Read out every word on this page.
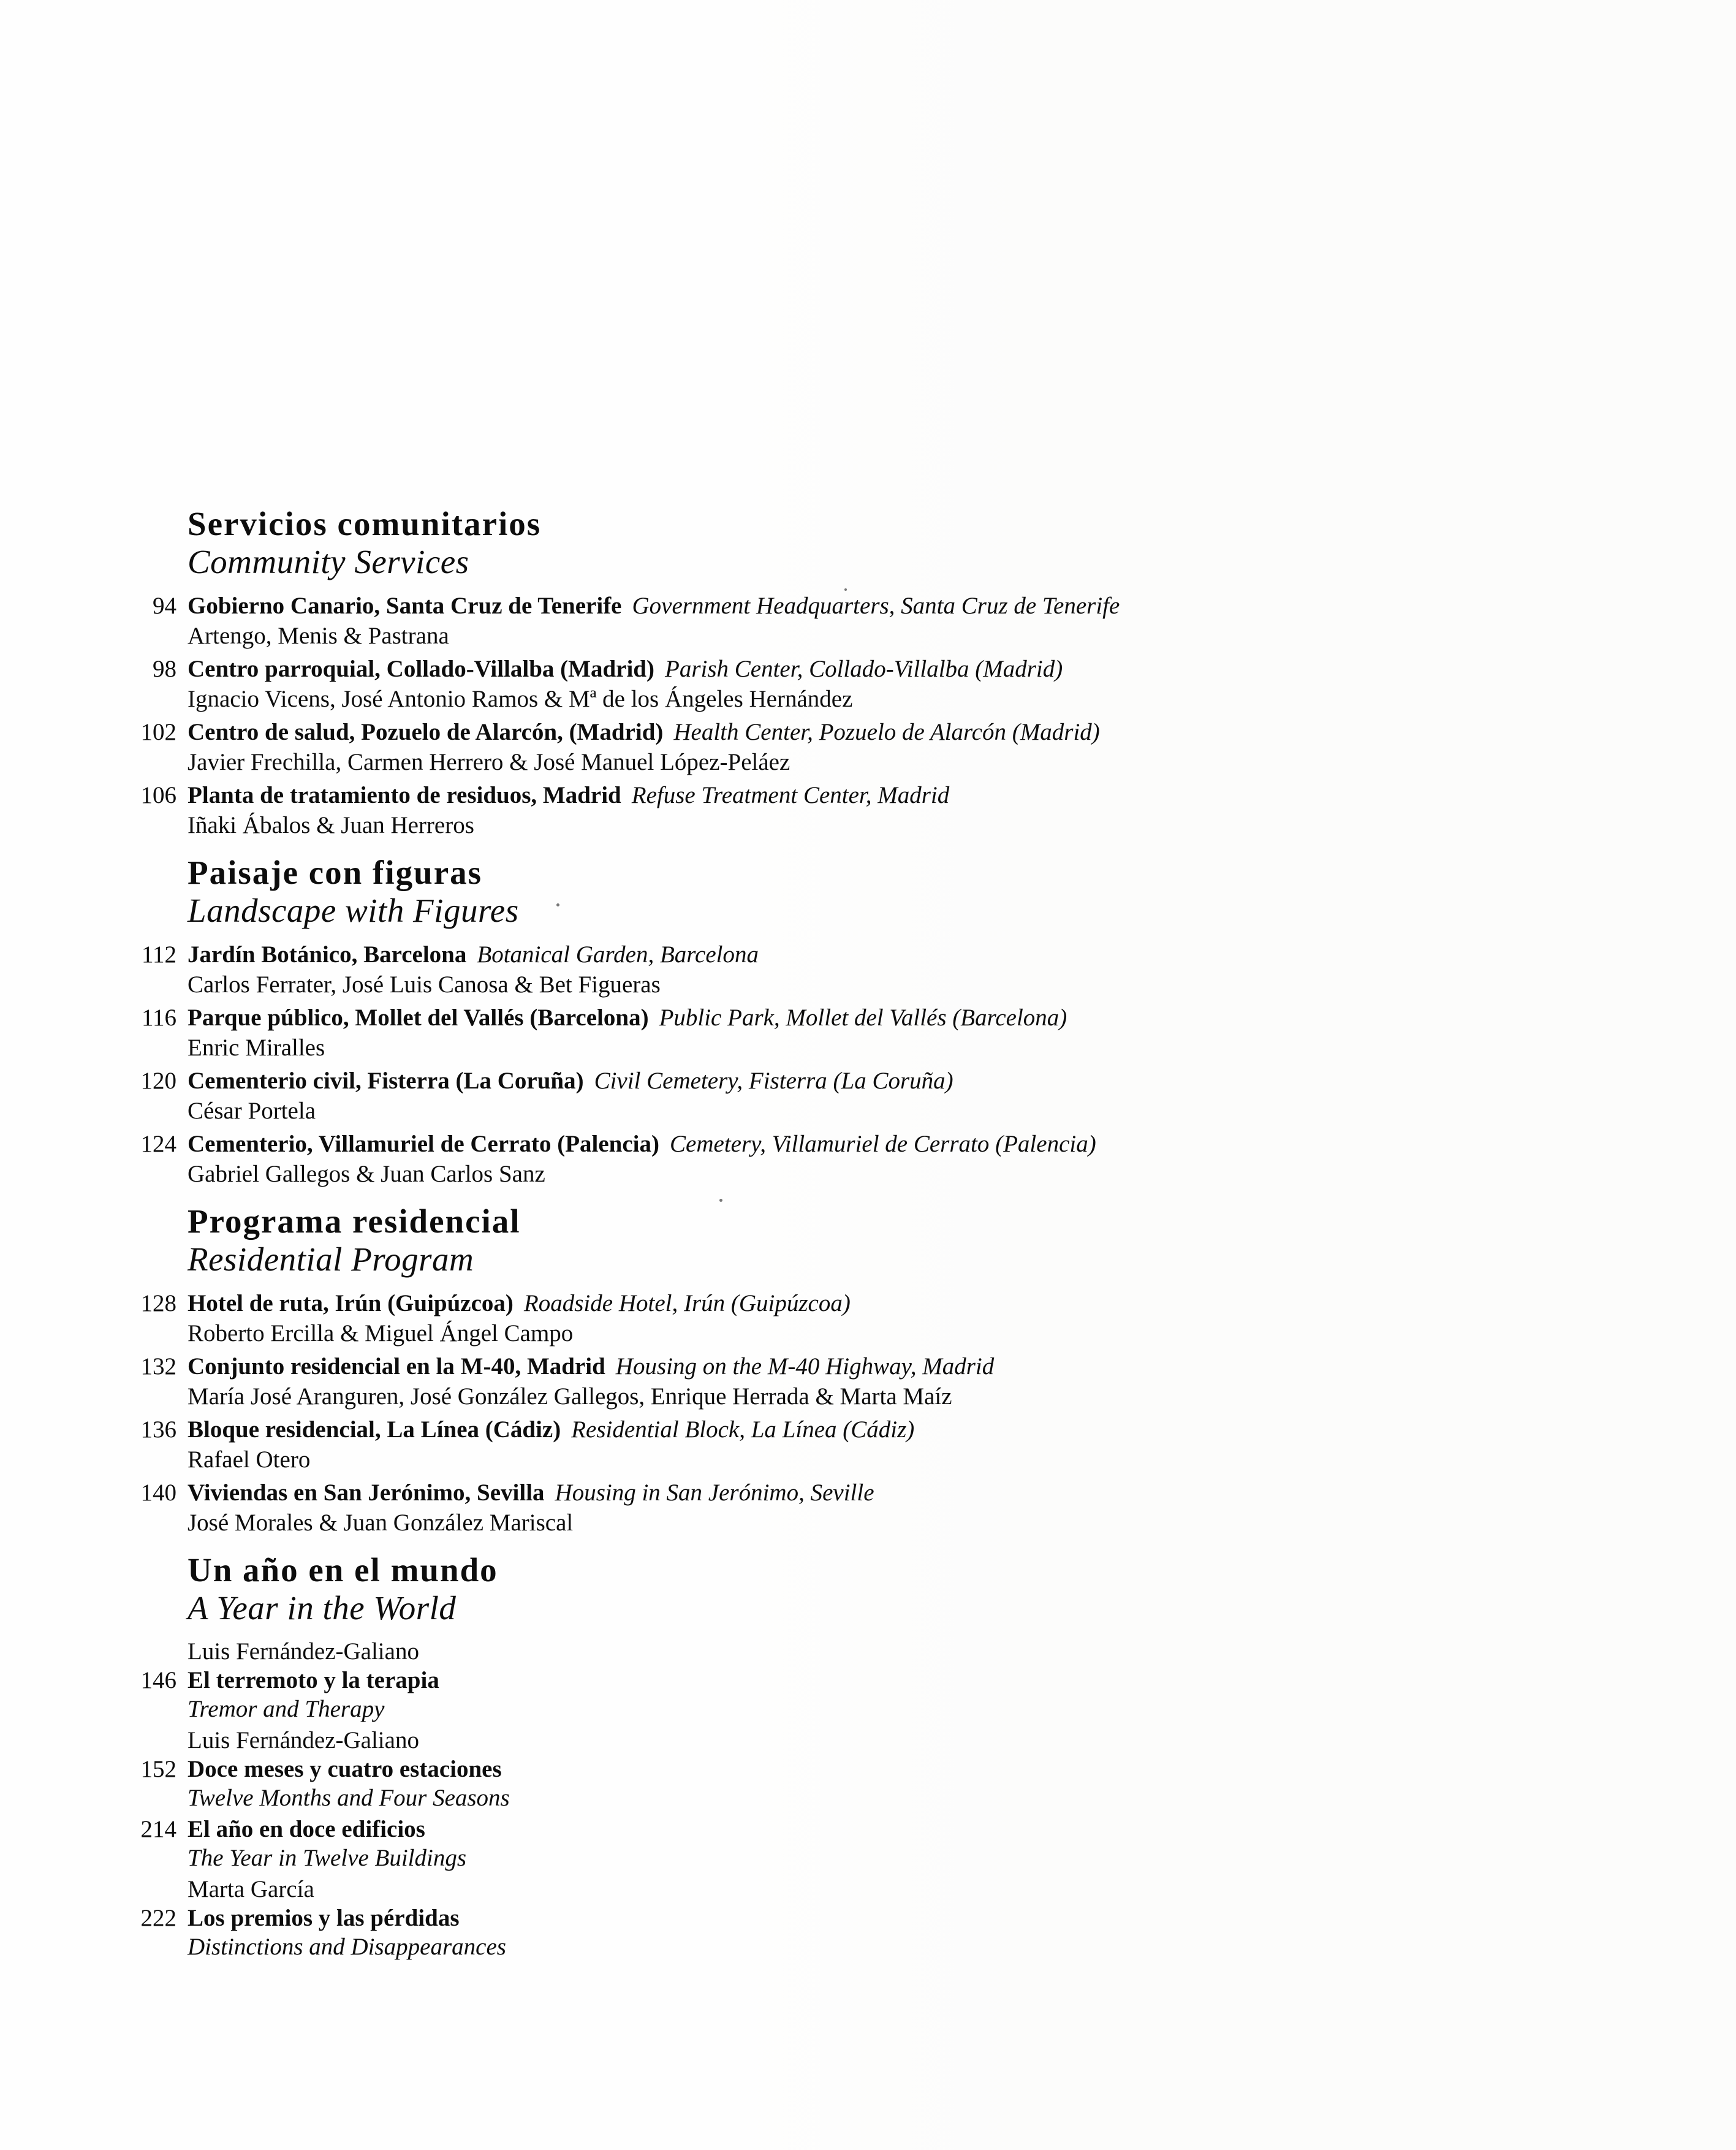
Servicios comunitarios
Community Services
94 Gobierno Canario, Santa Cruz de Tenerife Government Headquarters, Santa Cruz de Tenerife
Artengo, Menis & Pastrana
98 Centro parroquial, Collado-Villalba (Madrid) Parish Center, Collado-Villalba (Madrid)
Ignacio Vicens, José Antonio Ramos & Mª de los Ángeles Hernández
102 Centro de salud, Pozuelo de Alarcón, (Madrid) Health Center, Pozuelo de Alarcón (Madrid)
Javier Frechilla, Carmen Herrero & José Manuel López-Peláez
106 Planta de tratamiento de residuos, Madrid Refuse Treatment Center, Madrid
Iñaki Ábalos & Juan Herreros
Paisaje con figuras
Landscape with Figures
112 Jardín Botánico, Barcelona Botanical Garden, Barcelona
Carlos Ferrater, José Luis Canosa & Bet Figueras
116 Parque público, Mollet del Vallés (Barcelona) Public Park, Mollet del Vallés (Barcelona)
Enric Miralles
120 Cementerio civil, Fisterra (La Coruña) Civil Cemetery, Fisterra (La Coruña)
César Portela
124 Cementerio, Villamuriel de Cerrato (Palencia) Cemetery, Villamuriel de Cerrato (Palencia)
Gabriel Gallegos & Juan Carlos Sanz
Programa residencial
Residential Program
128 Hotel de ruta, Irún (Guipúzcoa) Roadside Hotel, Irún (Guipúzcoa)
Roberto Ercilla & Miguel Ángel Campo
132 Conjunto residencial en la M-40, Madrid Housing on the M-40 Highway, Madrid
María José Aranguren, José González Gallegos, Enrique Herrada & Marta Maíz
136 Bloque residencial, La Línea (Cádiz) Residential Block, La Línea (Cádiz)
Rafael Otero
140 Viviendas en San Jerónimo, Sevilla Housing in San Jerónimo, Seville
José Morales & Juan González Mariscal
Un año en el mundo
A Year in the World
Luis Fernández-Galiano
146 El terremoto y la terapia
Tremor and Therapy
Luis Fernández-Galiano
152 Doce meses y cuatro estaciones
Twelve Months and Four Seasons
214 El año en doce edificios
The Year in Twelve Buildings
Marta García
222 Los premios y las pérdidas
Distinctions and Disappearances
